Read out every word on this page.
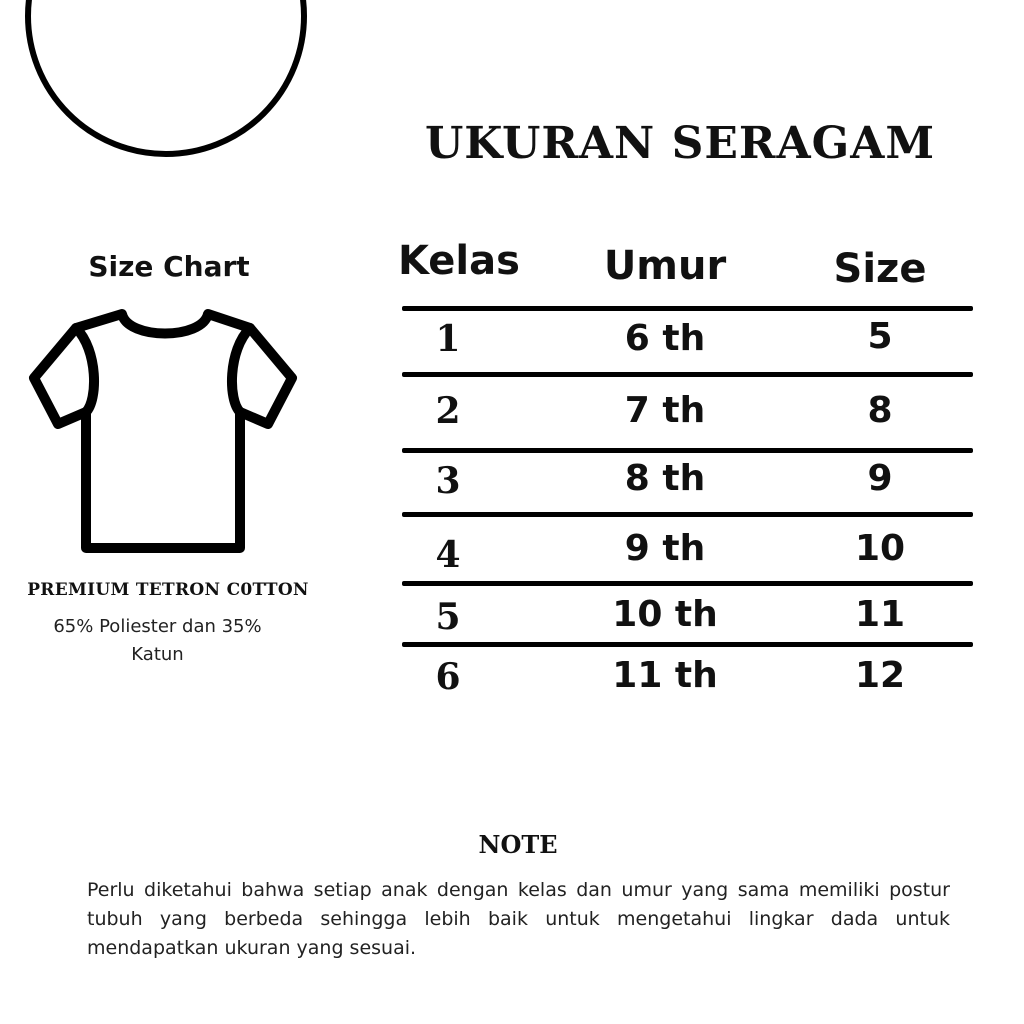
UKURAN SERAGAM
Size Chart
PREMIUM TETRON C0TTON
65% Poliester dan 35% Katun
Kelas	Umur	Size
1	6 th	5
2	7 th	8
3	8 th	9
4	9 th	10
5	10 th	11
6	11 th	12
NOTE
Perlu diketahui bahwa setiap anak dengan kelas dan umur yang sama memiliki postur tubuh yang berbeda sehingga lebih baik untuk mengetahui lingkar dada untuk mendapatkan ukuran yang sesuai.
